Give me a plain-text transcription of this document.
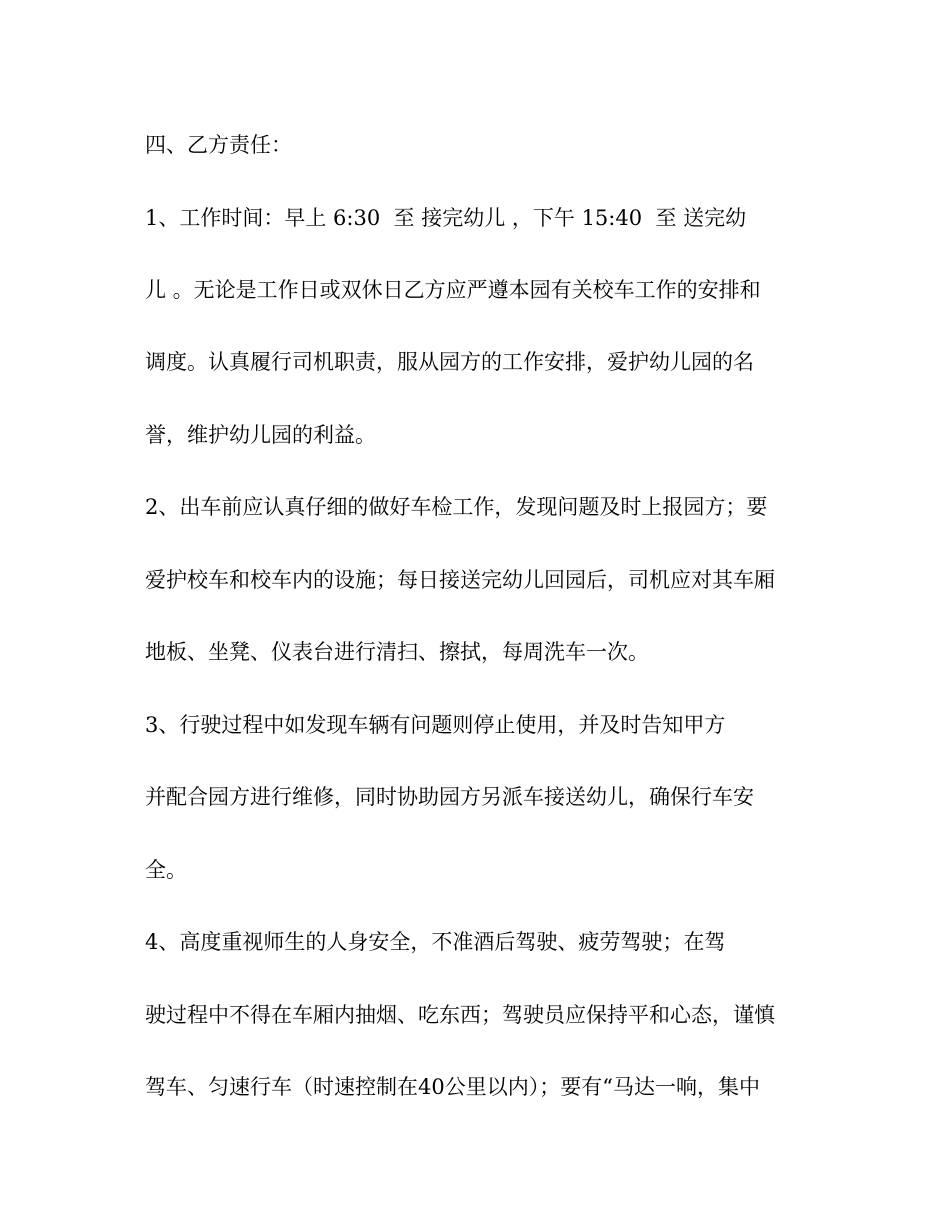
四、乙方责任：
1、工作时间：早上 6:30  至 接完幼儿 ，下午 15:40  至 送完幼
儿 。无论是工作日或双休日乙方应严遵本园有关校车工作的安排和
调度。认真履行司机职责，服从园方的工作安排，爱护幼儿园的名
誉，维护幼儿园的利益。
2、出车前应认真仔细的做好车检工作，发现问题及时上报园方；要
爱护校车和校车内的设施；每日接送完幼儿回园后，司机应对其车厢
地板、坐凳、仪表台进行清扫、擦拭，每周洗车一次。
3、行驶过程中如发现车辆有问题则停止使用，并及时告知甲方
并配合园方进行维修，同时协助园方另派车接送幼儿，确保行车安
全。
4、高度重视师生的人身安全，不准酒后驾驶、疲劳驾驶；在驾
驶过程中不得在车厢内抽烟、吃东西；驾驶员应保持平和心态，谨慎
驾车、匀速行车（时速控制在40公里以内）；要有“马达一响，集中
